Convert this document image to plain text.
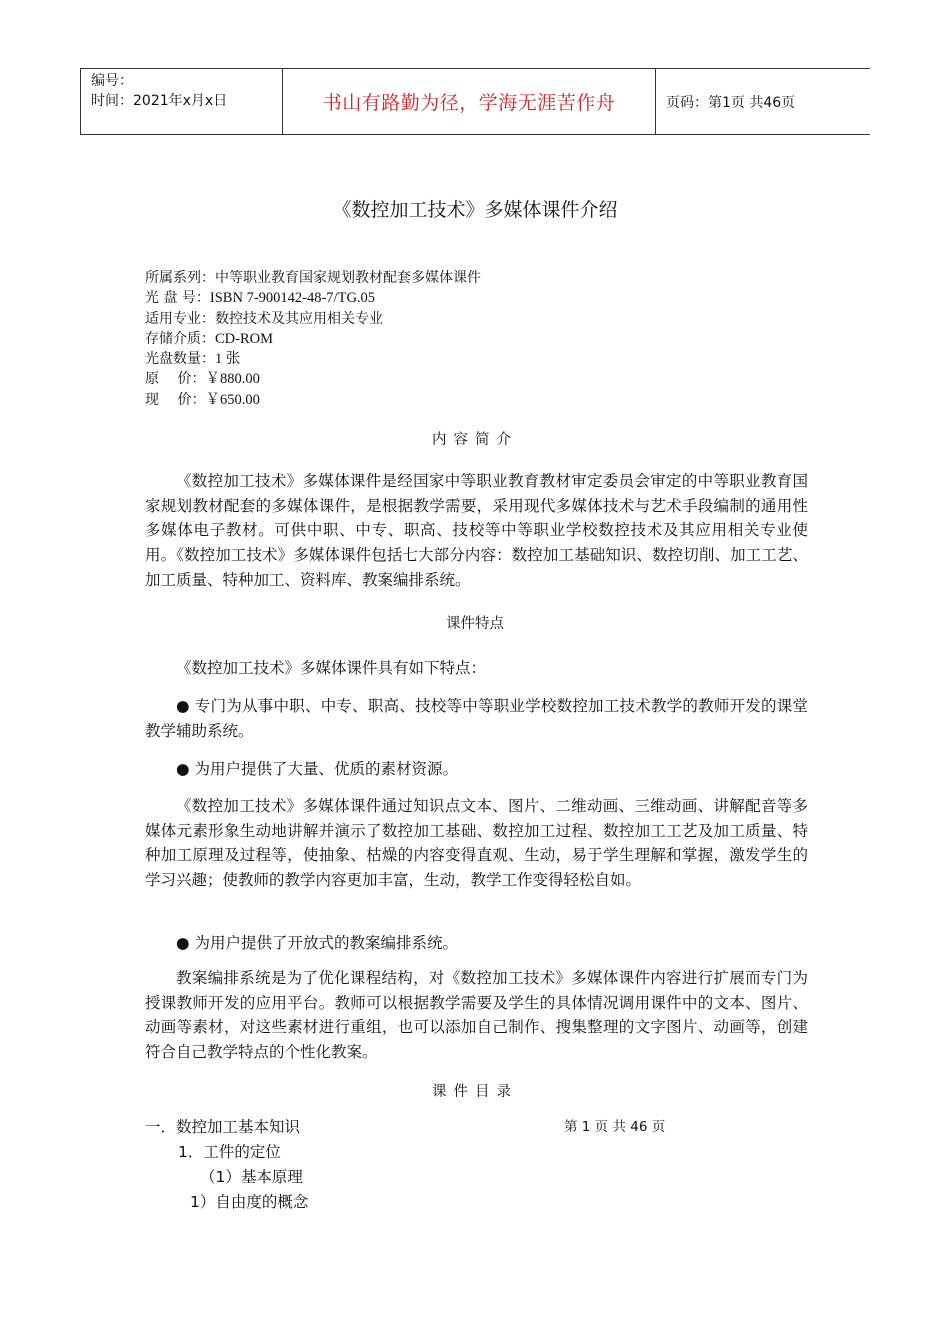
编号：
时间：2021年x月x日	书山有路勤为径，学海无涯苦作舟	页码：第1页 共46页
《数控加工技术》多媒体课件介绍
所属系列： 中等职业教育国家规划教材配套多媒体课件
光 盘 号： ISBN 7-900142-48-7/TG.05
适用专业： 数控技术及其应用相关专业
存储介质： CD-ROM
光盘数量： 1 张
原　 价： ￥880.00
现　 价： ￥650.00
内容简介
《数控加工技术》多媒体课件是经国家中等职业教育教材审定委员会审定的中等职业教育国家规划教材配套的多媒体课件，是根据教学需要，采用现代多媒体技术与艺术手段编制的通用性多媒体电子教材。可供中职、中专、职高、技校等中等职业学校数控技术及其应用相关专业使用。《数控加工技术》多媒体课件包括七大部分内容：数控加工基础知识、数控切削、加工工艺、加工质量、特种加工、资料库、教案编排系统。
课件特点
《数控加工技术》多媒体课件具有如下特点：
● 专门为从事中职、中专、职高、技校等中等职业学校数控加工技术教学的教师开发的课堂教学辅助系统。
● 为用户提供了大量、优质的素材资源。
《数控加工技术》多媒体课件通过知识点文本、图片、二维动画、三维动画、讲解配音等多媒体元素形象生动地讲解并演示了数控加工基础、数控加工过程、数控加工工艺及加工质量、特种加工原理及过程等，使抽象、枯燥的内容变得直观、生动，易于学生理解和掌握，激发学生的学习兴趣；使教师的教学内容更加丰富，生动，教学工作变得轻松自如。
● 为用户提供了开放式的教案编排系统。
教案编排系统是为了优化课程结构，对《数控加工技术》多媒体课件内容进行扩展而专门为授课教师开发的应用平台。教师可以根据教学需要及学生的具体情况调用课件中的文本、图片、动画等素材，对这些素材进行重组，也可以添加自己制作、搜集整理的文字图片、动画等，创建符合自己教学特点的个性化教案。
课件目录
一．数控加工基本知识
1．工件的定位
（1）基本原理
1）自由度的概念
第 1 页 共 46 页
